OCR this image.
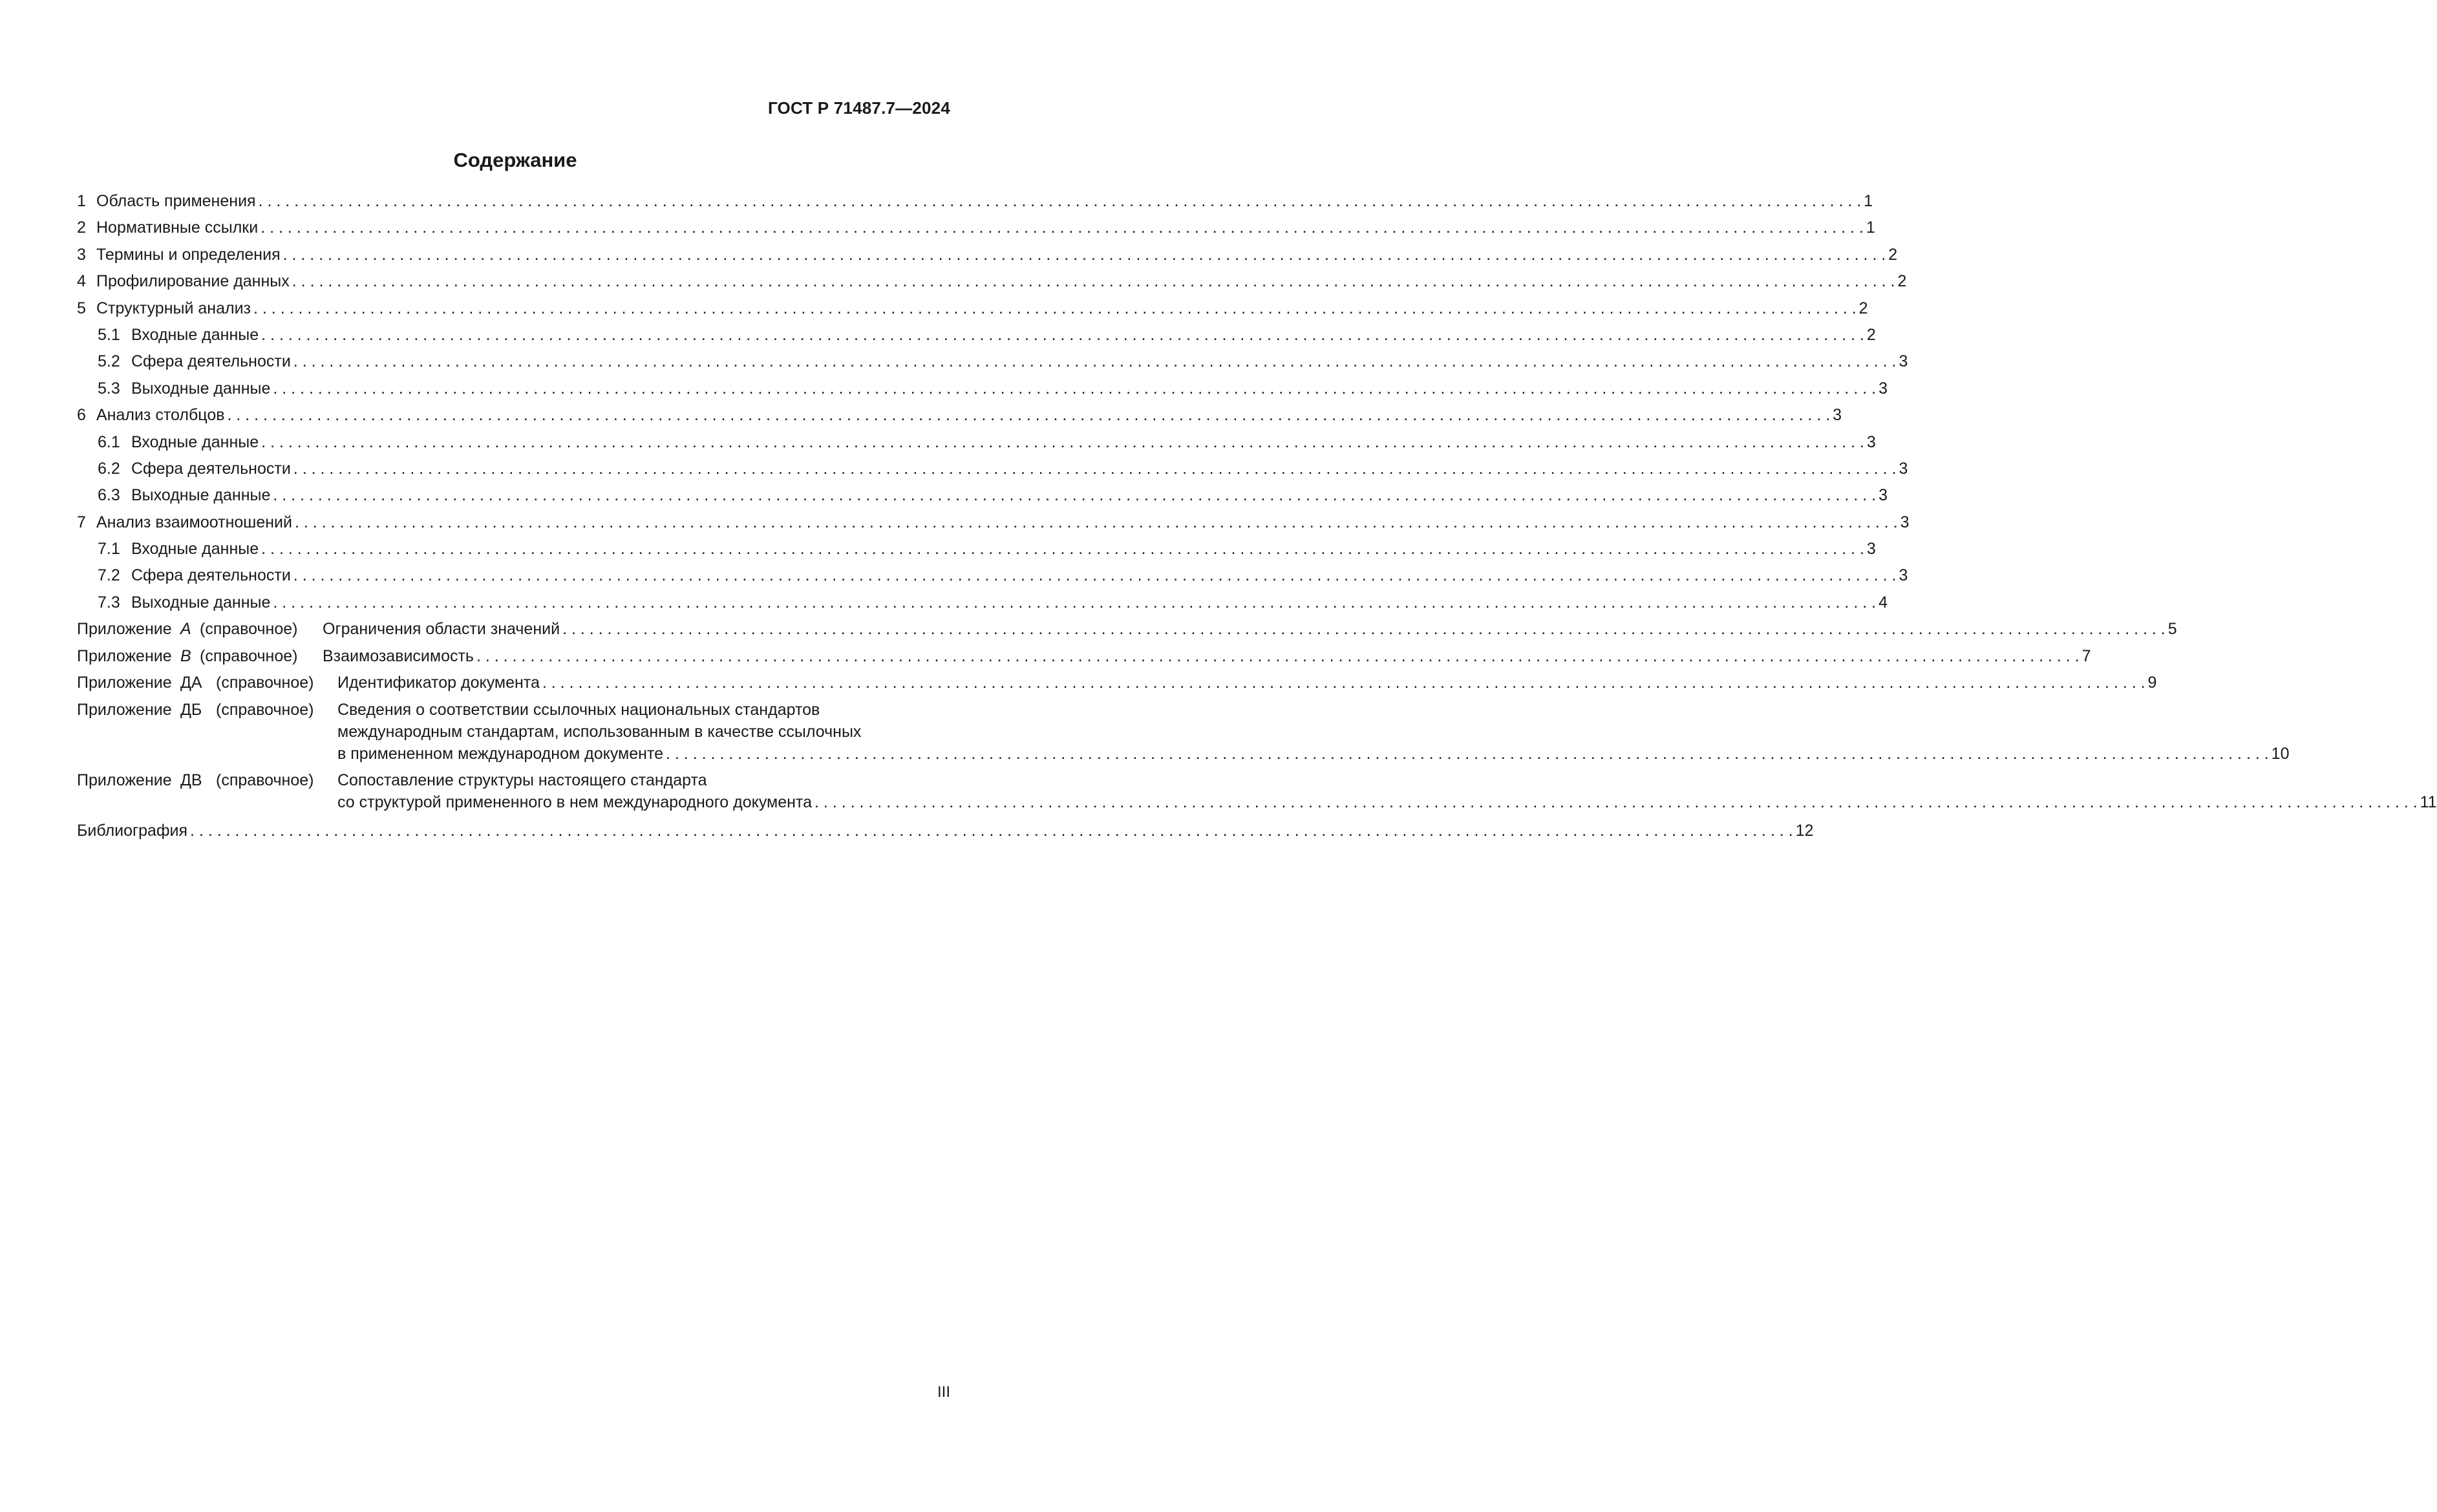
ГОСТ Р 71487.7—2024
Содержание
1 Область применения . . .	1
2 Нормативные ссылки . . .	1
3 Термины и определения . . .	2
4 Профилирование данных . . .	2
5 Структурный анализ . . .	2
5.1 Входные данные . . .	2
5.2 Сфера деятельности . . .	3
5.3 Выходные данные . . .	3
6 Анализ столбцов . . .	3
6.1 Входные данные . . .	3
6.2 Сфера деятельности . . .	3
6.3 Выходные данные . . .	3
7 Анализ взаимоотношений . . .	3
7.1 Входные данные . . .	3
7.2 Сфера деятельности . . .	3
7.3 Выходные данные . . .	4
Приложение А (справочное)	Ограничения области значений . . .	5
Приложение В (справочное)	Взаимозависимость . . .	7
Приложение ДА (справочное)	Идентификатор документа . . .	9
Приложение ДБ (справочное)	Сведения о соответствии ссылочных национальных стандартов
международным стандартам, использованным в качестве ссылочных
в примененном международном документе . . .	10
Приложение ДВ (справочное)	Сопоставление структуры настоящего стандарта
со структурой примененного в нем международного документа . . .	11
Библиография . . .	12
III
